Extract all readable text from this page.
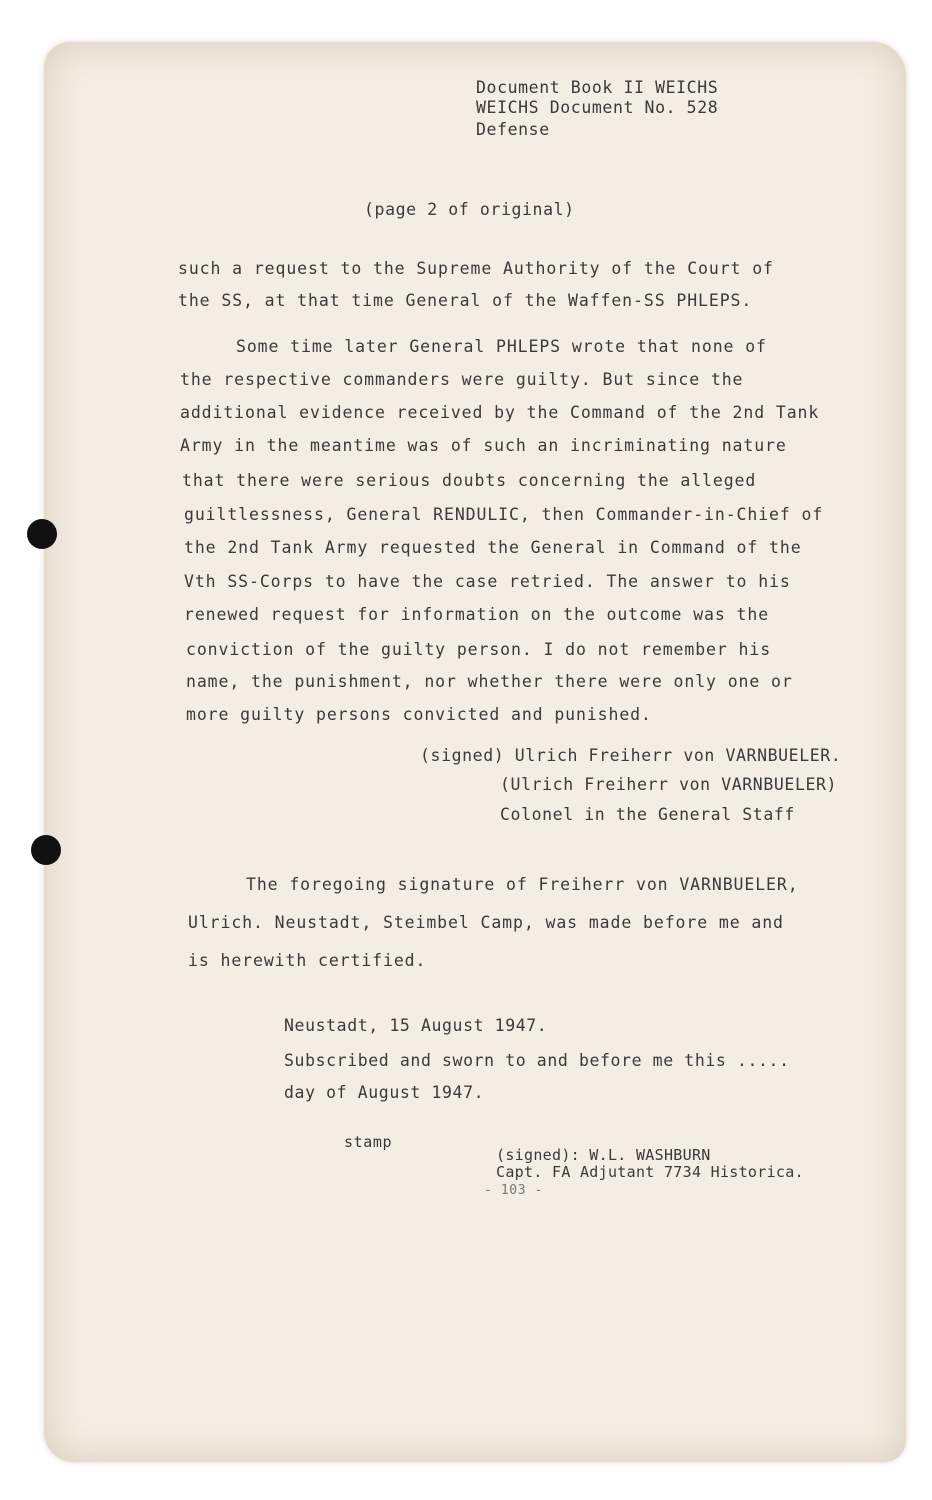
Document Book II WEICHS
WEICHS Document No. 528
Defense
(page 2 of original)
such a request to the Supreme Authority of the Court of
the SS, at that time General of the Waffen-SS PHLEPS.
Some time later General PHLEPS wrote that none of
the respective commanders were guilty. But since the
additional evidence received by the Command of the 2nd Tank
Army in the meantime was of such an incriminating nature
that there were serious doubts concerning the alleged
guiltlessness, General RENDULIC, then Commander-in-Chief of
the 2nd Tank Army requested the General in Command of the
Vth SS-Corps to have the case retried. The answer to his
renewed request for information on the outcome was the
conviction of the guilty person. I do not remember his
name, the punishment, nor whether there were only one or
more guilty persons convicted and punished.
(signed) Ulrich Freiherr von VARNBUELER.
(Ulrich Freiherr von VARNBUELER)
Colonel in the General Staff
The foregoing signature of Freiherr von VARNBUELER,
Ulrich. Neustadt, Steimbel Camp, was made before me and
is herewith certified.
Neustadt, 15 August 1947.
Subscribed and sworn to and before me this .....
day of August 1947.
stamp
(signed): W.L. WASHBURN
Capt. FA Adjutant 7734 Historica.
- 103 -
